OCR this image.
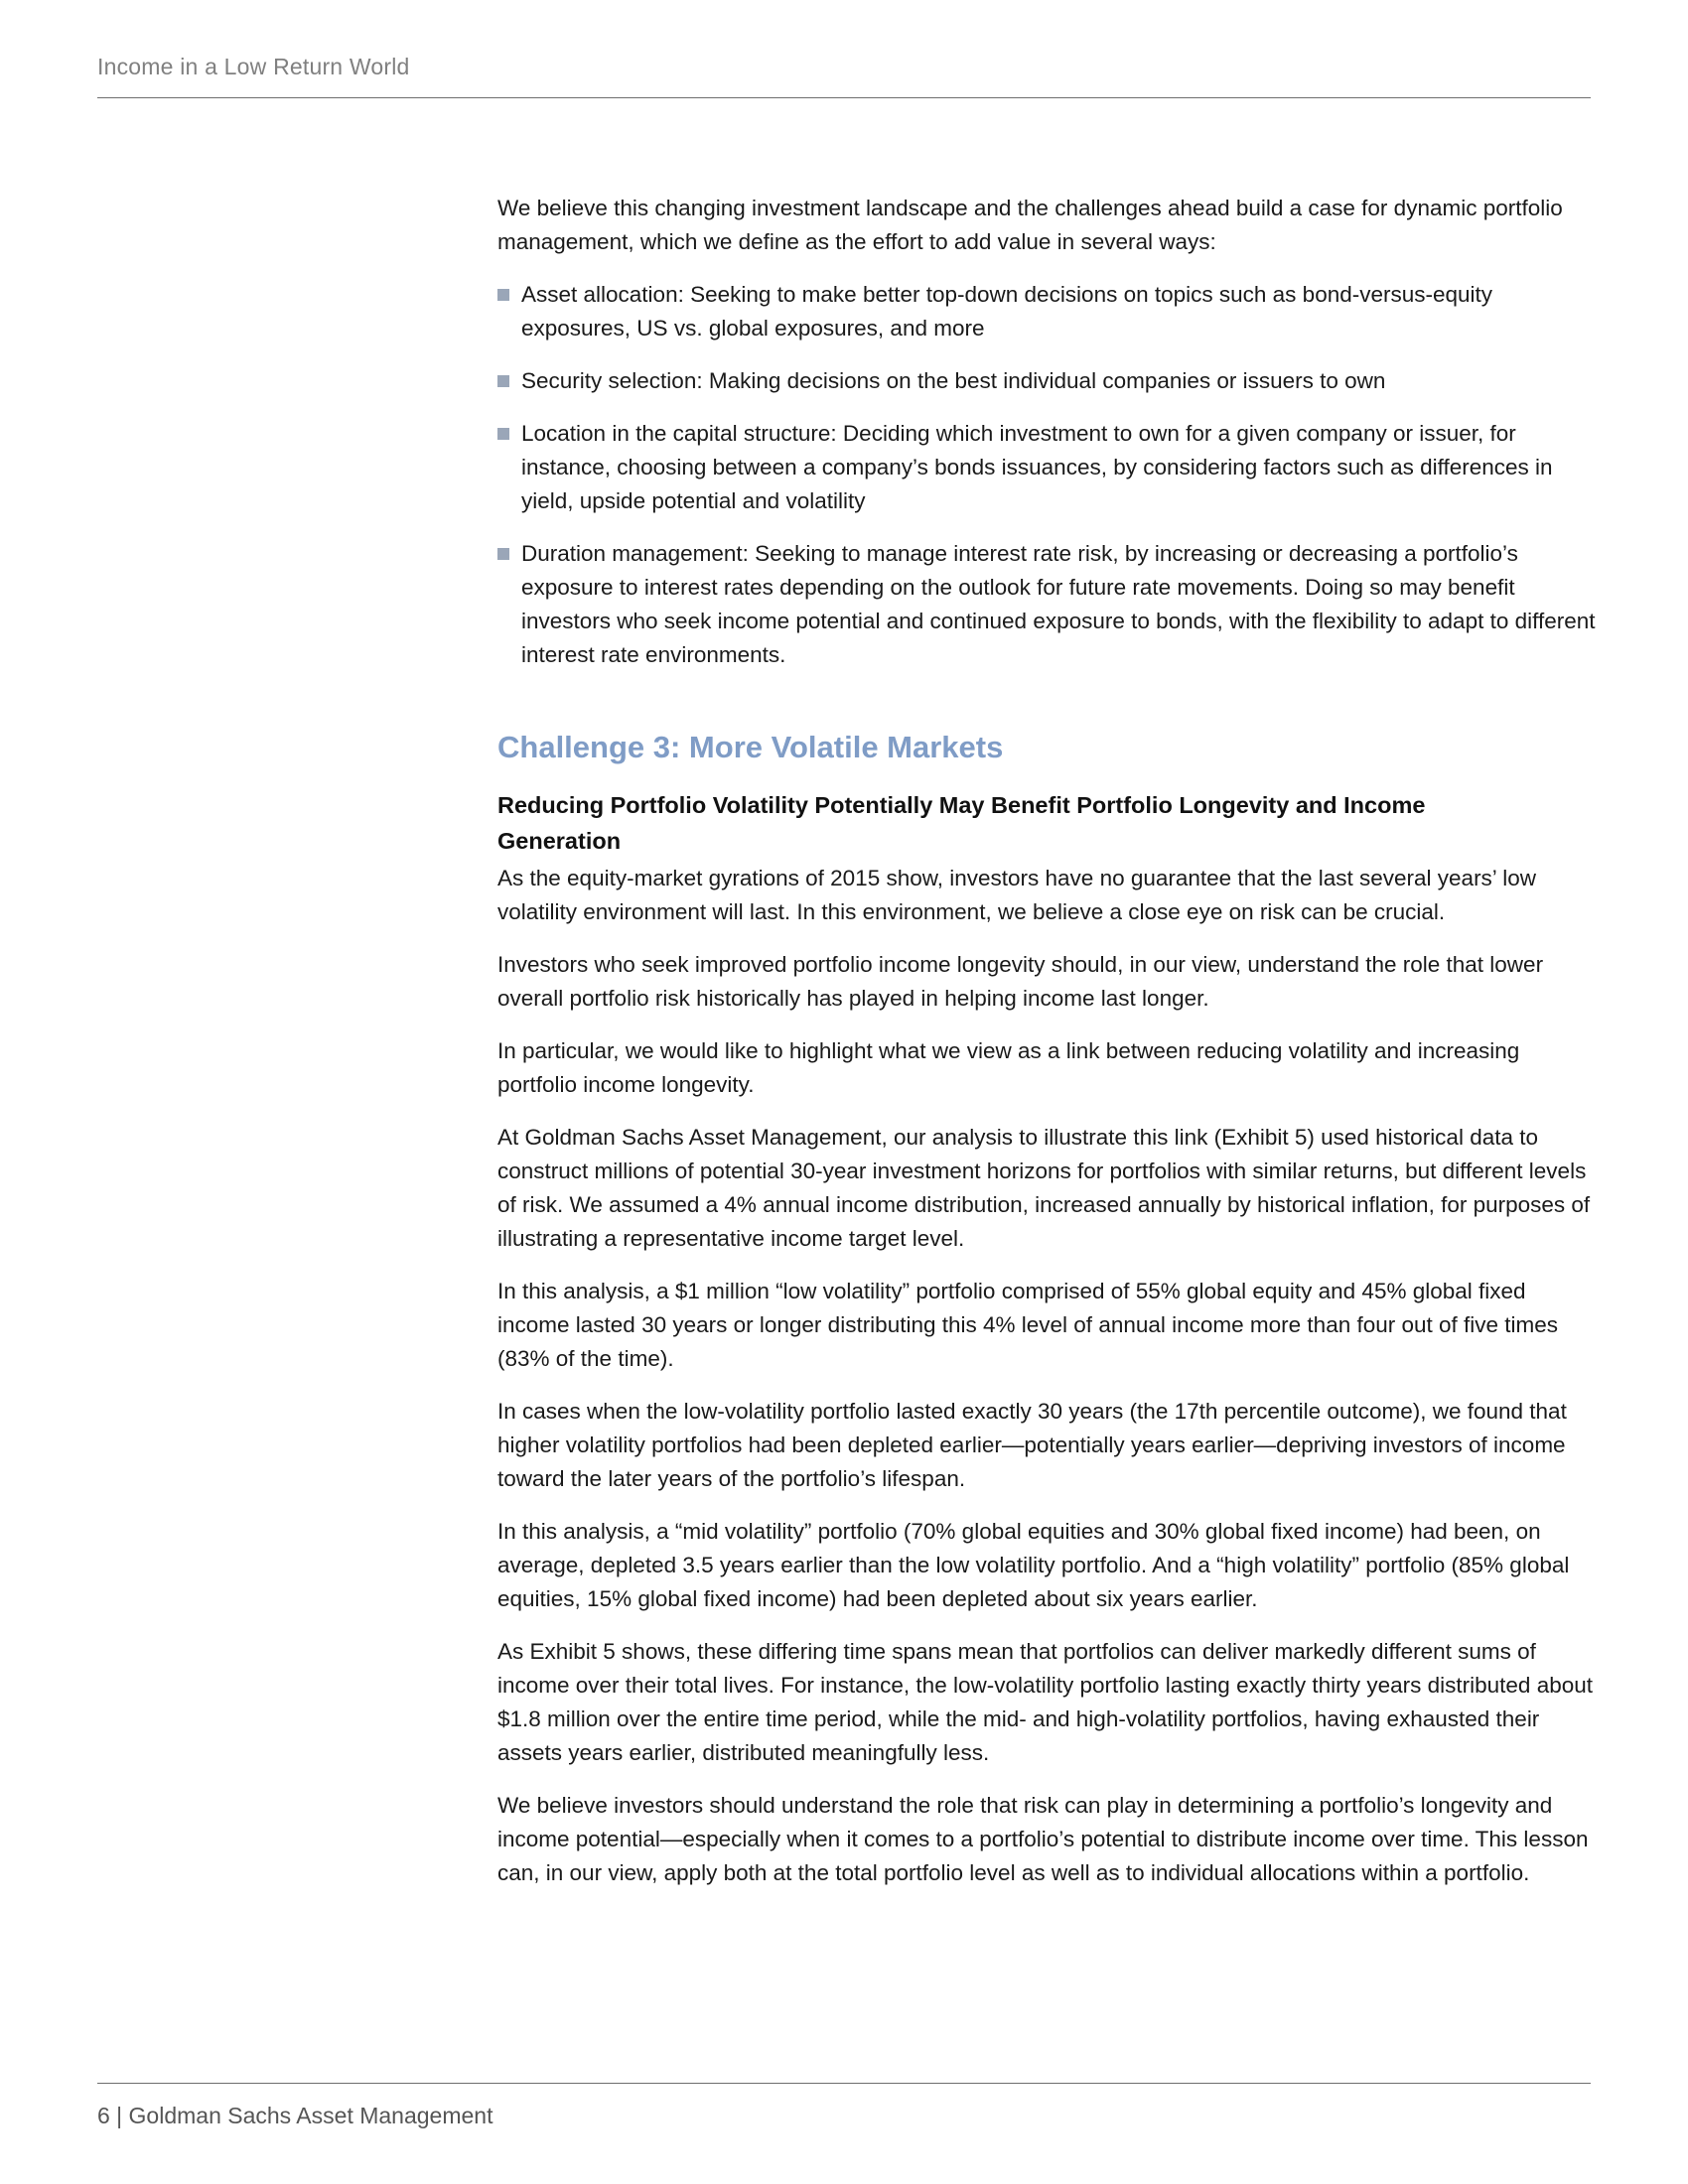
Income in a Low Return World

We believe this changing investment landscape and the challenges ahead build a case for dynamic portfolio management, which we define as the effort to add value in several ways:

Asset allocation: Seeking to make better top-down decisions on topics such as bond-versus-equity exposures, US vs. global exposures, and more
Security selection: Making decisions on the best individual companies or issuers to own
Location in the capital structure: Deciding which investment to own for a given company or issuer, for instance, choosing between a company’s bonds issuances, by considering factors such as differences in yield, upside potential and volatility
Duration management: Seeking to manage interest rate risk, by increasing or decreasing a portfolio’s exposure to interest rates depending on the outlook for future rate movements. Doing so may benefit investors who seek income potential and continued exposure to bonds, with the flexibility to adapt to different interest rate environments.
Challenge 3: More Volatile Markets
Reducing Portfolio Volatility Potentially May Benefit Portfolio Longevity and Income Generation

As the equity-market gyrations of 2015 show, investors have no guarantee that the last several years’ low volatility environment will last. In this environment, we believe a close eye on risk can be crucial.

Investors who seek improved portfolio income longevity should, in our view, understand the role that lower overall portfolio risk historically has played in helping income last longer.

In particular, we would like to highlight what we view as a link between reducing volatility and increasing portfolio income longevity.

At Goldman Sachs Asset Management, our analysis to illustrate this link (Exhibit 5) used historical data to construct millions of potential 30-year investment horizons for portfolios with similar returns, but different levels of risk. We assumed a 4% annual income distribution, increased annually by historical inflation, for purposes of illustrating a representative income target level.

In this analysis, a $1 million “low volatility” portfolio comprised of 55% global equity and 45% global fixed income lasted 30 years or longer distributing this 4% level of annual income more than four out of five times (83% of the time).

In cases when the low-volatility portfolio lasted exactly 30 years (the 17th percentile outcome), we found that higher volatility portfolios had been depleted earlier—potentially years earlier—depriving investors of income toward the later years of the portfolio’s lifespan.

In this analysis, a “mid volatility” portfolio (70% global equities and 30% global fixed income) had been, on average, depleted 3.5 years earlier than the low volatility portfolio. And a “high volatility” portfolio (85% global equities, 15% global fixed income) had been depleted about six years earlier.

As Exhibit 5 shows, these differing time spans mean that portfolios can deliver markedly different sums of income over their total lives. For instance, the low-volatility portfolio lasting exactly thirty years distributed about $1.8 million over the entire time period, while the mid- and high-volatility portfolios, having exhausted their assets years earlier, distributed meaningfully less.

We believe investors should understand the role that risk can play in determining a portfolio’s longevity and income potential—especially when it comes to a portfolio’s potential to distribute income over time. This lesson can, in our view, apply both at the total portfolio level as well as to individual allocations within a portfolio.

6 | Goldman Sachs Asset Management
